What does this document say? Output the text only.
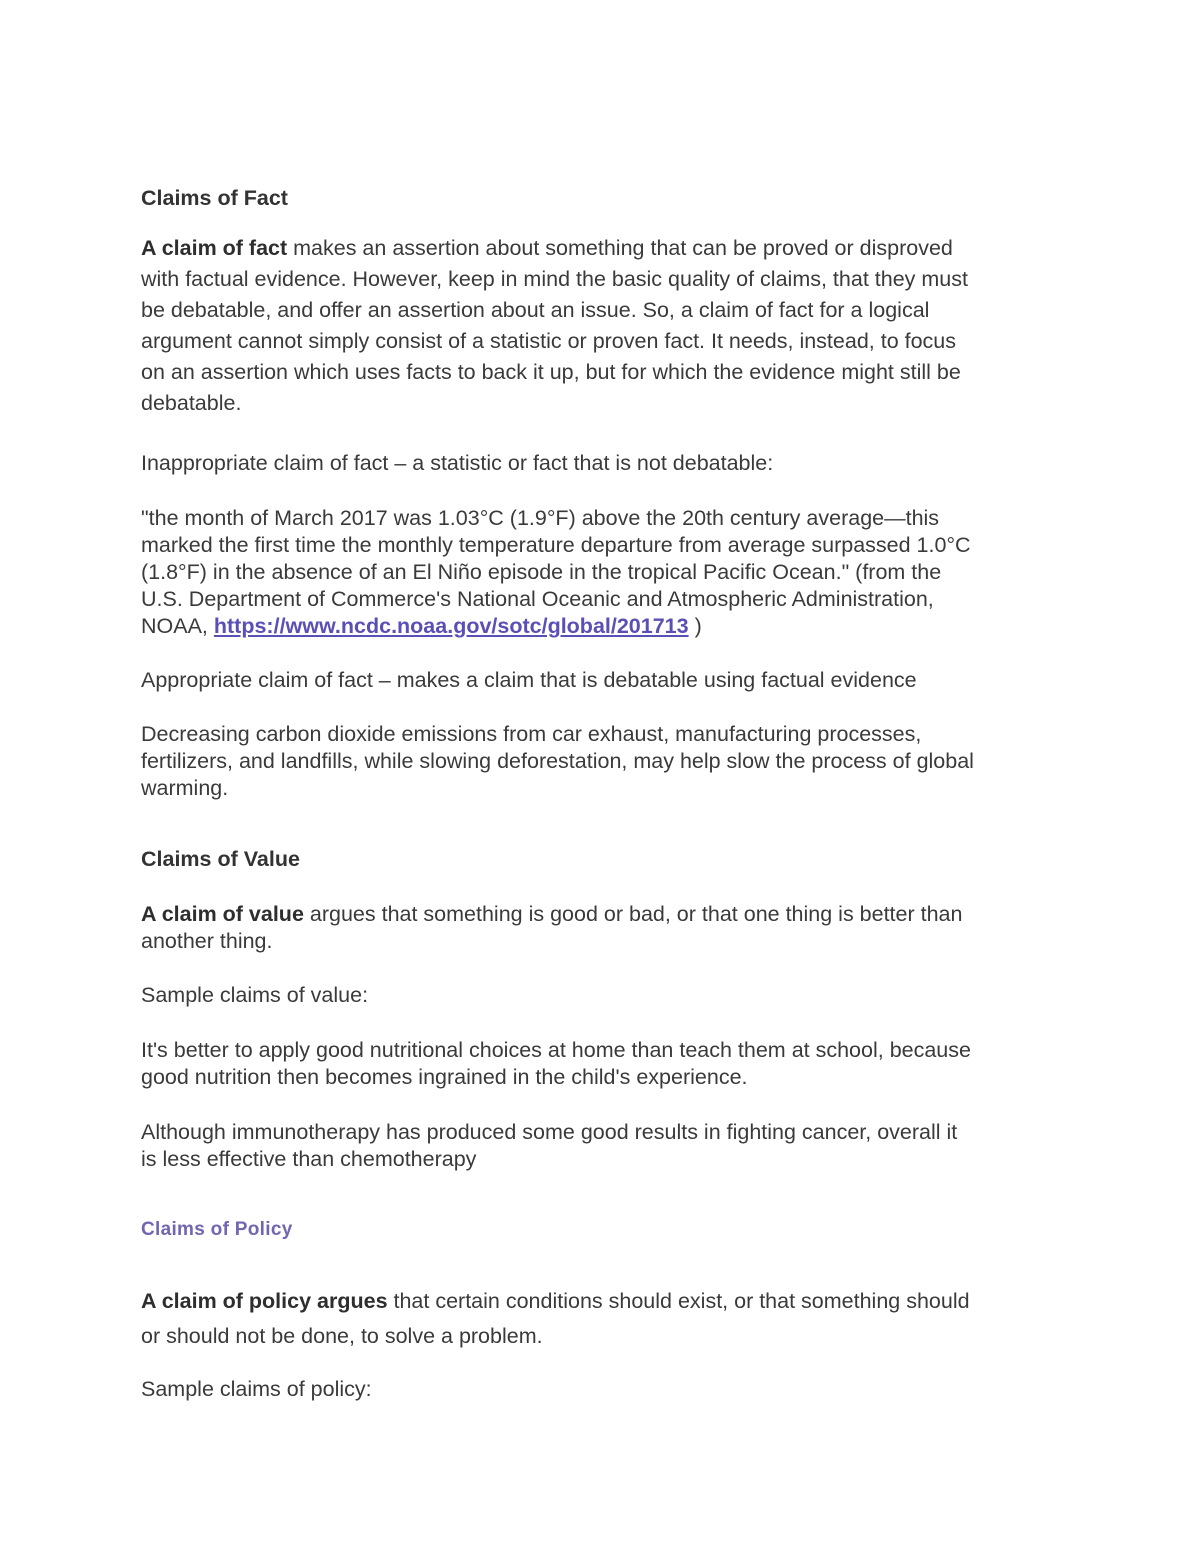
Claims of Fact
A claim of fact makes an assertion about something that can be proved or disproved
with factual evidence. However, keep in mind the basic quality of claims, that they must
be debatable, and offer an assertion about an issue. So, a claim of fact for a logical
argument cannot simply consist of a statistic or proven fact. It needs, instead, to focus
on an assertion which uses facts to back it up, but for which the evidence might still be
debatable.
Inappropriate claim of fact – a statistic or fact that is not debatable:
"the month of March 2017 was 1.03°C (1.9°F) above the 20th century average—this
marked the first time the monthly temperature departure from average surpassed 1.0°C
(1.8°F) in the absence of an El Niño episode in the tropical Pacific Ocean." (from the
U.S. Department of Commerce's National Oceanic and Atmospheric Administration,
NOAA, https://www.ncdc.noaa.gov/sotc/global/201713 )
Appropriate claim of fact – makes a claim that is debatable using factual evidence
Decreasing carbon dioxide emissions from car exhaust, manufacturing processes,
fertilizers, and landfills, while slowing deforestation, may help slow the process of global
warming.
Claims of Value
A claim of value argues that something is good or bad, or that one thing is better than
another thing.
Sample claims of value:
It's better to apply good nutritional choices at home than teach them at school, because
good nutrition then becomes ingrained in the child's experience.
Although immunotherapy has produced some good results in fighting cancer, overall it
is less effective than chemotherapy
Claims of Policy
A claim of policy argues that certain conditions should exist, or that something should
or should not be done, to solve a problem.
Sample claims of policy:
